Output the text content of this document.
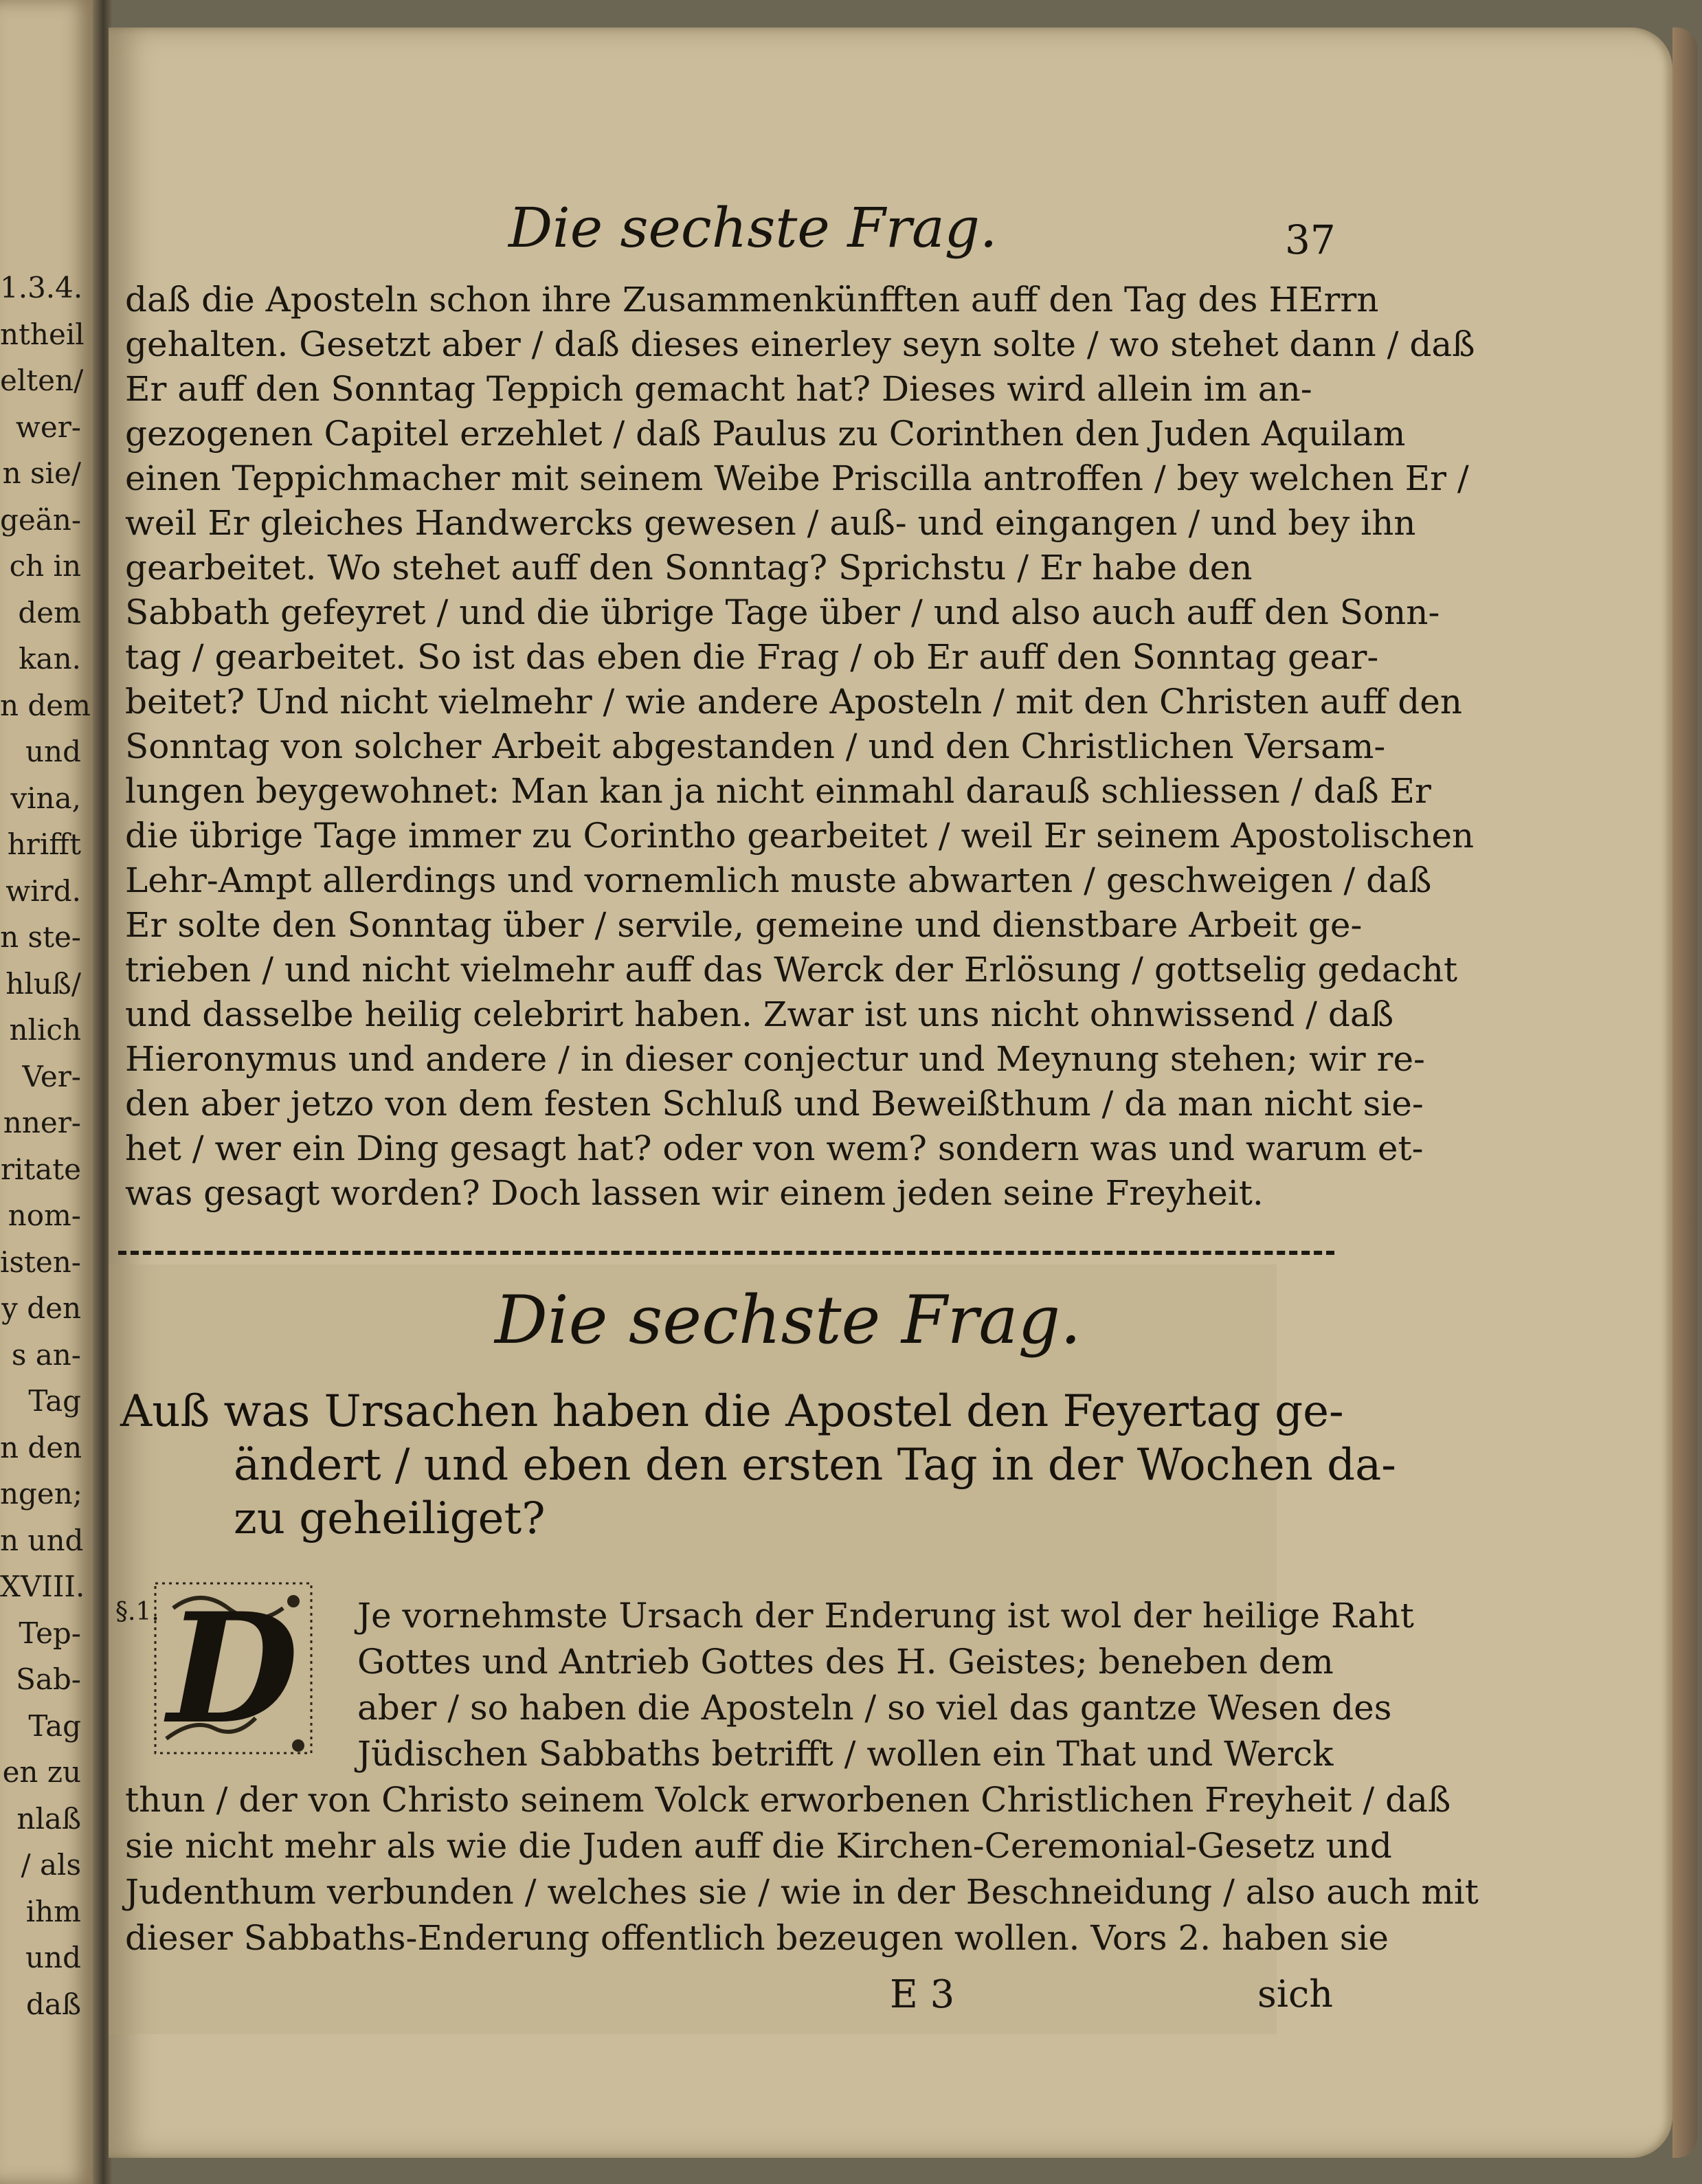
1.3.4.
ntheil
elten/
wer-
n sie/
geän-
ch in
dem
kan.
n dem
und
vina,
hrifft
wird.
n ste-
hluß/
nlich
Ver-
nner-
ritate
nom-
isten-
y den
s an-
Tag
n den
ngen;
n und
XVIII.
Tep-
Sab-
Tag
en zu
nlaß
/ als
ihm
und
daß
Die sechste Frag.	37
daß die Aposteln schon ihre Zusammenkünfften auff den Tag des HErrn
gehalten. Gesetzt aber / daß dieses einerley seyn solte / wo stehet dann / daß
Er auff den Sonntag Teppich gemacht hat? Dieses wird allein im an-
gezogenen Capitel erzehlet / daß Paulus zu Corinthen den Juden Aquilam
einen Teppichmacher mit seinem Weibe Priscilla antroffen / bey welchen Er /
weil Er gleiches Handwercks gewesen / auß- und eingangen / und bey ihn
gearbeitet. Wo stehet auff den Sonntag? Sprichstu / Er habe den
Sabbath gefeyret / und die übrige Tage über / und also auch auff den Sonn-
tag / gearbeitet. So ist das eben die Frag / ob Er auff den Sonntag gear-
beitet? Und nicht vielmehr / wie andere Aposteln / mit den Christen auff den
Sonntag von solcher Arbeit abgestanden / und den Christlichen Versam-
lungen beygewohnet: Man kan ja nicht einmahl darauß schliessen / daß Er
die übrige Tage immer zu Corintho gearbeitet / weil Er seinem Apostolischen
Lehr-Ampt allerdings und vornemlich muste abwarten / geschweigen / daß
Er solte den Sonntag über / servile, gemeine und dienstbare Arbeit ge-
trieben / und nicht vielmehr auff das Werck der Erlösung / gottselig gedacht
und dasselbe heilig celebrirt haben. Zwar ist uns nicht ohnwissend / daß
Hieronymus und andere / in dieser conjectur und Meynung stehen; wir re-
den aber jetzo von dem festen Schluß und Beweißthum / da man nicht sie-
het / wer ein Ding gesagt hat? oder von wem? sondern was und warum et-
was gesagt worden? Doch lassen wir einem jeden seine Freyheit.
Die sechste Frag.
Auß was Ursachen haben die Apostel den Feyertag ge-
ändert / und eben den ersten Tag in der Wochen da-
zu geheiliget?
§.1. D Je vornehmste Ursach der Enderung ist wol der heilige Raht
Gottes und Antrieb Gottes des H. Geistes; beneben dem
aber / so haben die Aposteln / so viel das gantze Wesen des
Jüdischen Sabbaths betrifft / wollen ein That und Werck
thun / der von Christo seinem Volck erworbenen Christlichen Freyheit / daß
sie nicht mehr als wie die Juden auff die Kirchen-Ceremonial-Gesetz und
Judenthum verbunden / welches sie / wie in der Beschneidung / also auch mit
dieser Sabbaths-Enderung offentlich bezeugen wollen. Vors 2. haben sie
E 3	sich
